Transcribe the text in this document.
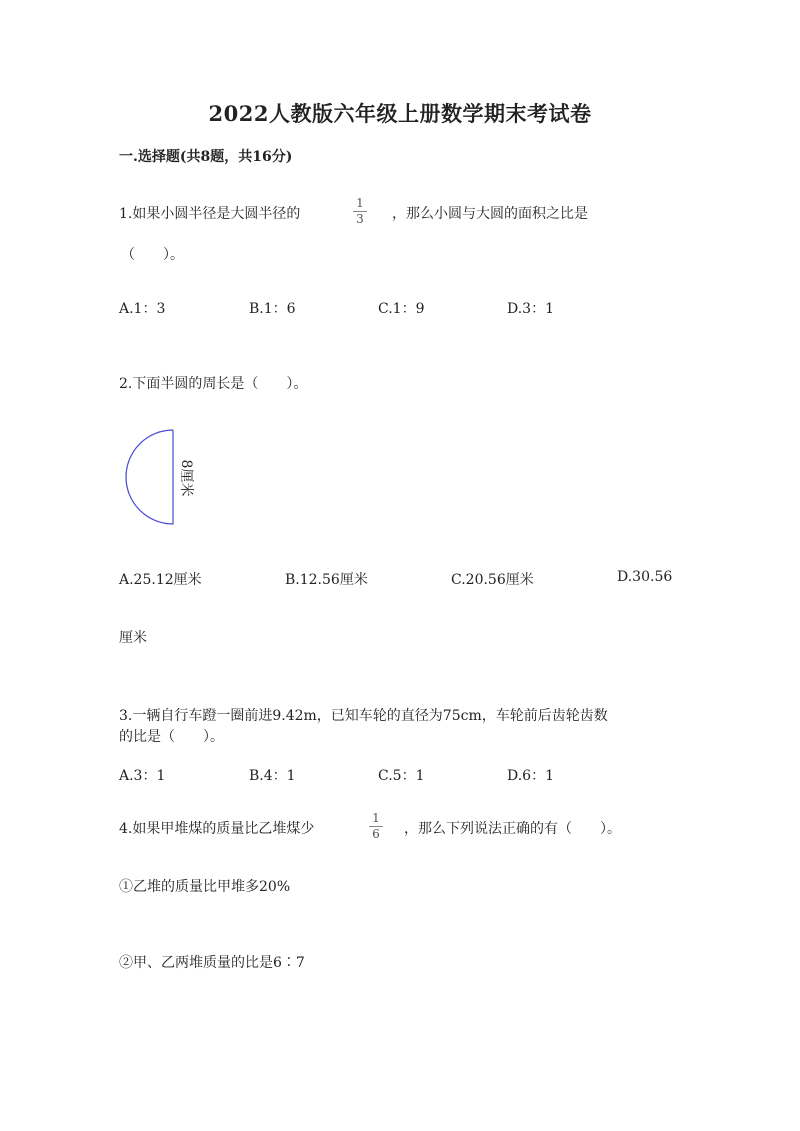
2022人教版六年级上册数学期末考试卷
一.选择题(共8题，共16分)
1.如果小圆半径是大圆半径的
1
3 ，那么小圆与大圆的面积之比是
（　　）。
A.1：3	B.1：6	C.1：9	D.3：1
2.下面半圆的周长是（　　）。
8厘米
A.25.12厘米	B.12.56厘米	C.20.56厘米	D.30.56
厘米
3.一辆自行车蹬一圈前进9.42m，已知车轮的直径为75cm，车轮前后齿轮齿数
的比是（　　）。
A.3：1	B.4：1	C.5：1	D.6：1
4.如果甲堆煤的质量比乙堆煤少
1
6 ，那么下列说法正确的有（　　）。
①乙堆的质量比甲堆多20%
②甲、乙两堆质量的比是6∶7
